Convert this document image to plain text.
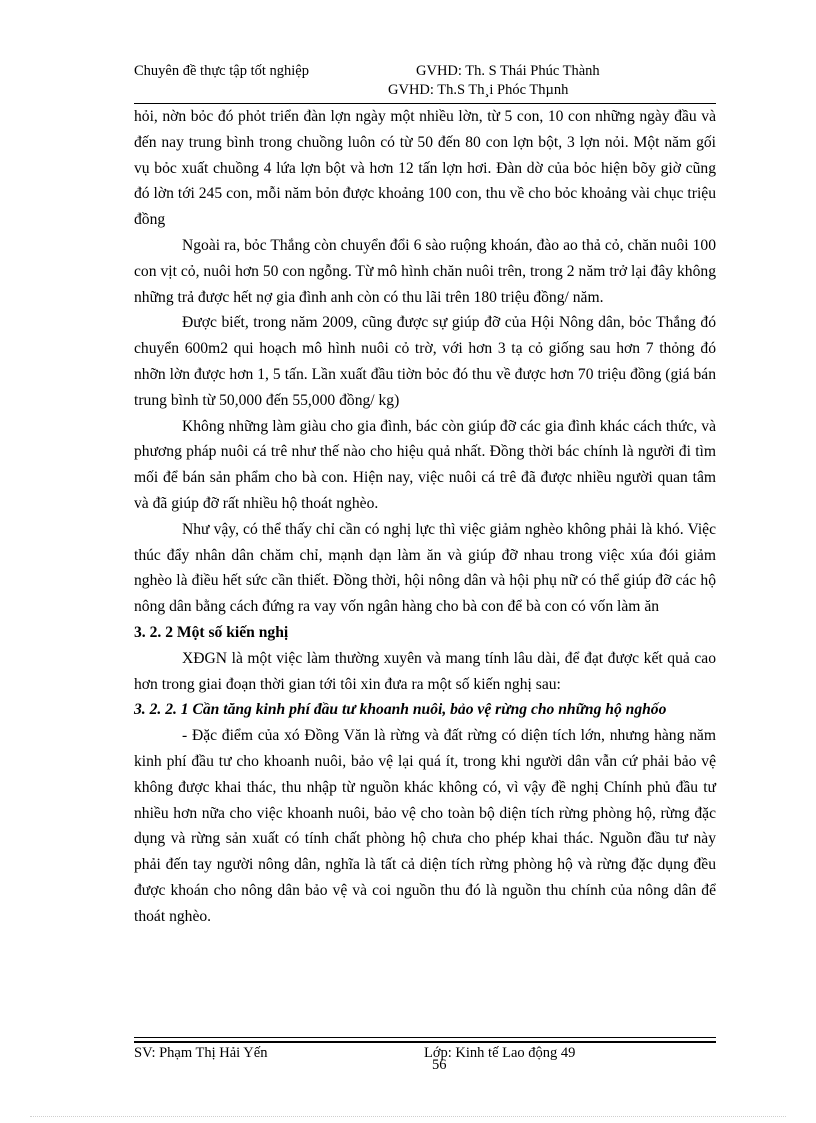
Chuyên đề thực tập tốt nghiệp	GVHD: Th. S Thái Phúc Thành
GVHD: Th.S Th¸i Phóc Thµnh

hỏi, nờn bỏc đó phỏt triển đàn lợn ngày một nhiều lờn, từ 5 con, 10 con những ngày đầu và đến nay trung bình trong chuồng luôn có từ 50 đến 80 con lợn bột, 3 lợn nỏi. Một năm gối vụ bỏc xuất chuồng 4 lứa lợn bột và hơn 12 tấn lợn hơi. Đàn dờ của bỏc hiện bõy giờ cũng đó lờn tới 245 con, mỗi năm bỏn được khoảng 100 con, thu về cho bỏc khoảng vài chục triệu đồng

Ngoài ra, bỏc Thắng còn chuyển đổi 6 sào ruộng khoán, đào ao thả cỏ, chăn nuôi 100 con vịt cỏ, nuôi hơn 50 con ngỗng. Từ mô hình chăn nuôi trên, trong 2 năm trở lại đây không những trả được hết nợ gia đình anh còn có thu lãi trên 180 triệu đồng/ năm.

Được biết, trong năm 2009, cũng được sự giúp đỡ của Hội Nông dân, bỏc Thắng đó chuyển 600m2 qui hoạch mô hình nuôi cỏ trờ, với hơn 3 tạ cỏ giống sau hơn 7 thỏng đó nhỡn lờn được hơn 1, 5 tấn. Lần xuất đầu tiờn bỏc đó thu về được hơn 70 triệu đồng (giá bán trung bình từ 50,000 đến 55,000 đồng/ kg)

Không những làm giàu cho gia đình, bác còn giúp đỡ các gia đình khác cách thức, và phương pháp nuôi cá trê như thế nào cho hiệu quả nhất. Đồng thời bác chính là người đi tìm mối để bán sản phẩm cho bà con. Hiện nay, việc nuôi cá trê đã được nhiều người quan tâm và đã giúp đỡ rất nhiều hộ thoát nghèo.

Như vậy, có thể thấy chỉ cần có nghị lực thì việc giảm nghèo không phải là khó. Việc thúc đẩy nhân dân chăm chỉ, mạnh dạn làm ăn và giúp đỡ nhau trong việc xúa đói giảm nghèo là điều hết sức cần thiết. Đồng thời, hội nông dân và hội phụ nữ có thể giúp đỡ các hộ nông dân bằng cách đứng ra vay vốn ngân hàng cho bà con để bà con có vốn làm ăn

3. 2. 2 Một số kiến nghị

XĐGN là một việc làm thường xuyên và mang tính lâu dài, để đạt được kết quả cao hơn trong giai đoạn thời gian tới tôi xin đưa ra một số kiến nghị sau:

3. 2. 2. 1 Cần tăng kinh phí đầu tư khoanh nuôi, bảo vệ rừng cho những hộ nghốo

- Đặc điểm của xó Đồng Văn là rừng và đất rừng có diện tích lớn, nhưng hàng năm kinh phí đầu tư cho khoanh nuôi, bảo vệ lại quá ít, trong khi người dân vẫn cứ phải bảo vệ không được khai thác, thu nhập từ nguồn khác không có, vì vậy đề nghị Chính phủ đầu tư nhiều hơn nữa cho việc khoanh nuôi, bảo vệ cho toàn bộ diện tích rừng phòng hộ, rừng đặc dụng và rừng sản xuất có tính chất phòng hộ chưa cho phép khai thác. Nguồn đầu tư này phải đến tay người nông dân, nghĩa là tất cả diện tích rừng phòng hộ và rừng đặc dụng đều được khoán cho nông dân bảo vệ và coi nguồn thu đó là nguồn thu chính của nông dân để thoát nghèo.

SV: Phạm Thị Hải Yến	Lớp: Kinh tế Lao động 49
56
